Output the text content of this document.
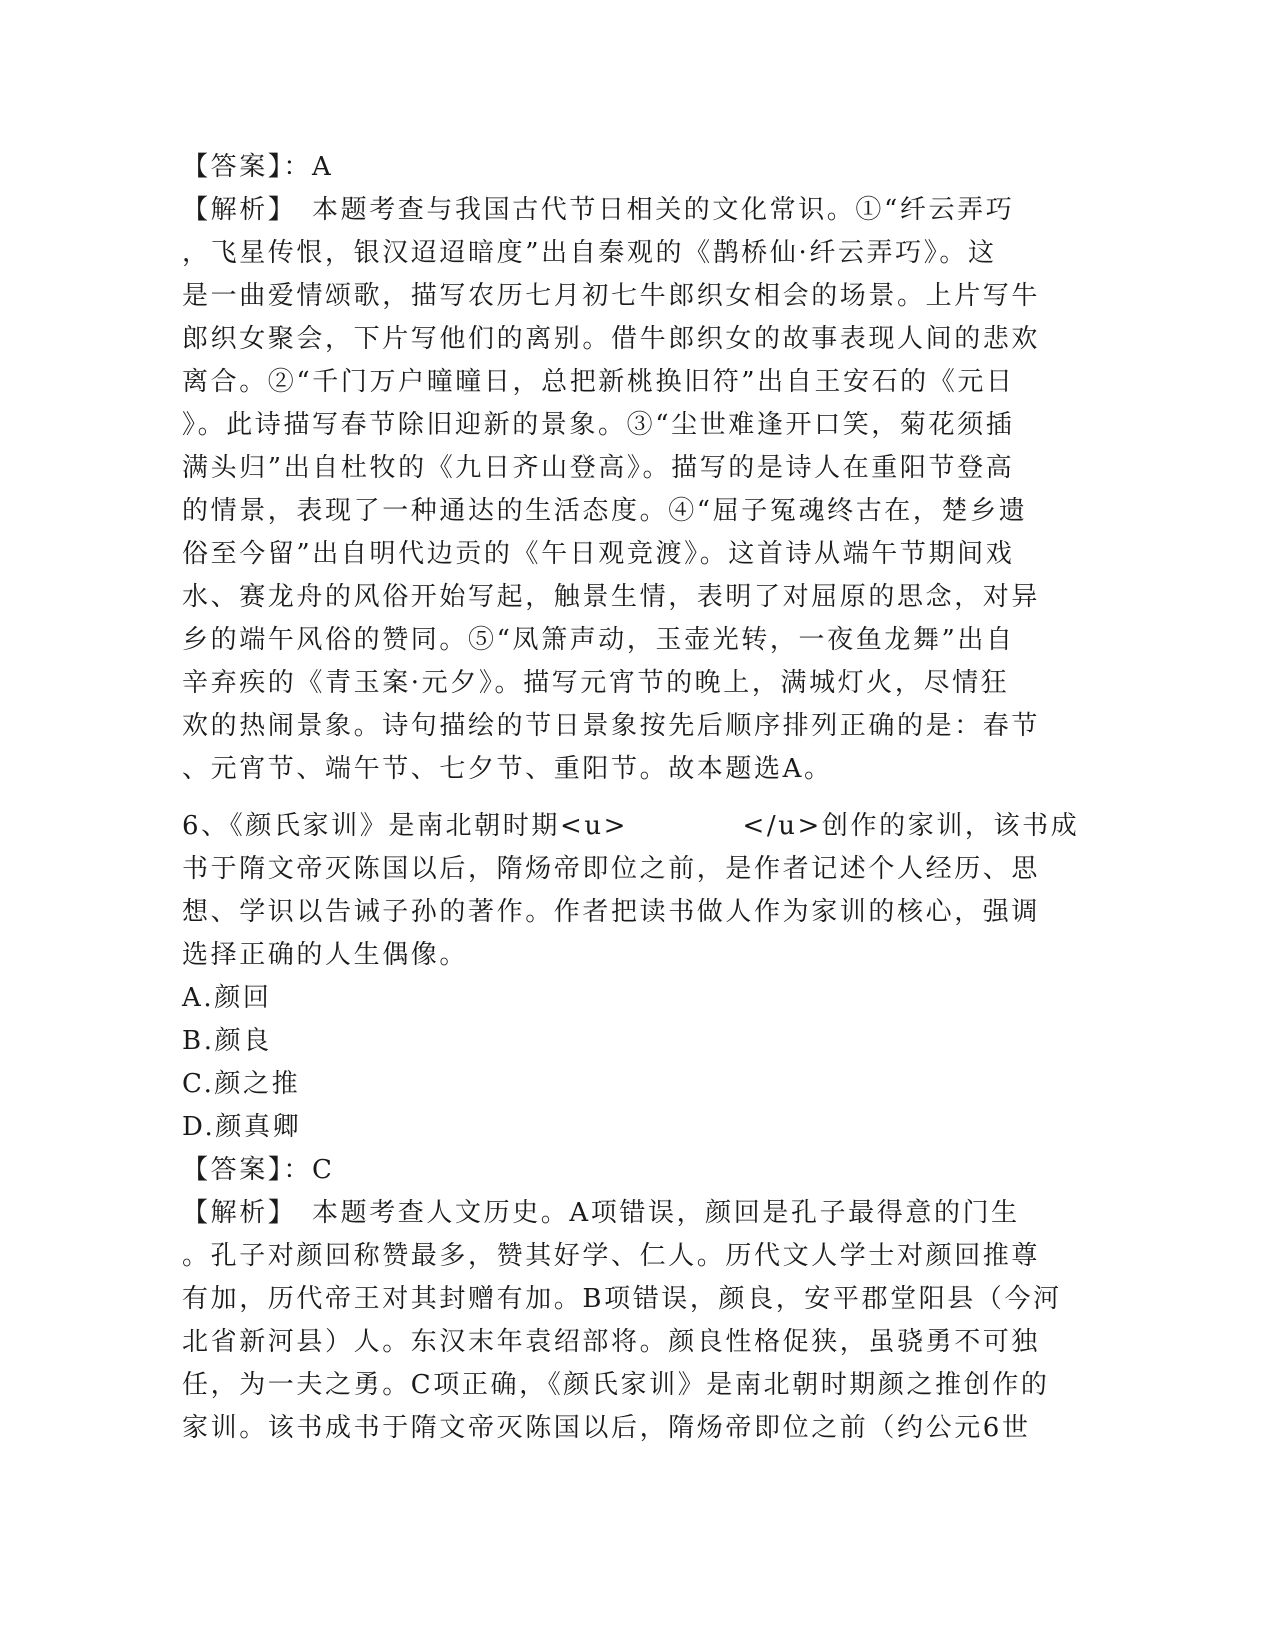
【答案】：A
【解析】　本题考查与我国古代节日相关的文化常识。①“纤云弄巧
，飞星传恨，银汉迢迢暗度”出自秦观的《鹊桥仙·纤云弄巧》。这
是一曲爱情颂歌，描写农历七月初七牛郎织女相会的场景。上片写牛
郎织女聚会，下片写他们的离别。借牛郎织女的故事表现人间的悲欢
离合。②“千门万户曈曈日，总把新桃换旧符”出自王安石的《元日
》。此诗描写春节除旧迎新的景象。③“尘世难逢开口笑，菊花须插
满头归”出自杜牧的《九日齐山登高》。描写的是诗人在重阳节登高
的情景，表现了一种通达的生活态度。④“屈子冤魂终古在，楚乡遗
俗至今留”出自明代边贡的《午日观竞渡》。这首诗从端午节期间戏
水、赛龙舟的风俗开始写起，触景生情，表明了对屈原的思念，对异
乡的端午风俗的赞同。⑤“凤箫声动，玉壶光转，一夜鱼龙舞”出自
辛弃疾的《青玉案·元夕》。描写元宵节的晚上，满城灯火，尽情狂
欢的热闹景象。诗句描绘的节日景象按先后顺序排列正确的是：春节
、元宵节、端午节、七夕节、重阳节。故本题选A。
6、《颜氏家训》是南北朝时期<u>　　　　</u>创作的家训，该书成
书于隋文帝灭陈国以后，隋炀帝即位之前，是作者记述个人经历、思
想、学识以告诫子孙的著作。作者把读书做人作为家训的核心，强调
选择正确的人生偶像。
A.颜回
B.颜良
C.颜之推
D.颜真卿
【答案】：C
【解析】　本题考查人文历史。A项错误，颜回是孔子最得意的门生
。孔子对颜回称赞最多，赞其好学、仁人。历代文人学士对颜回推尊
有加，历代帝王对其封赠有加。B项错误，颜良，安平郡堂阳县（今河
北省新河县）人。东汉末年袁绍部将。颜良性格促狭，虽骁勇不可独
任，为一夫之勇。C项正确，《颜氏家训》是南北朝时期颜之推创作的
家训。该书成书于隋文帝灭陈国以后，隋炀帝即位之前（约公元6世
